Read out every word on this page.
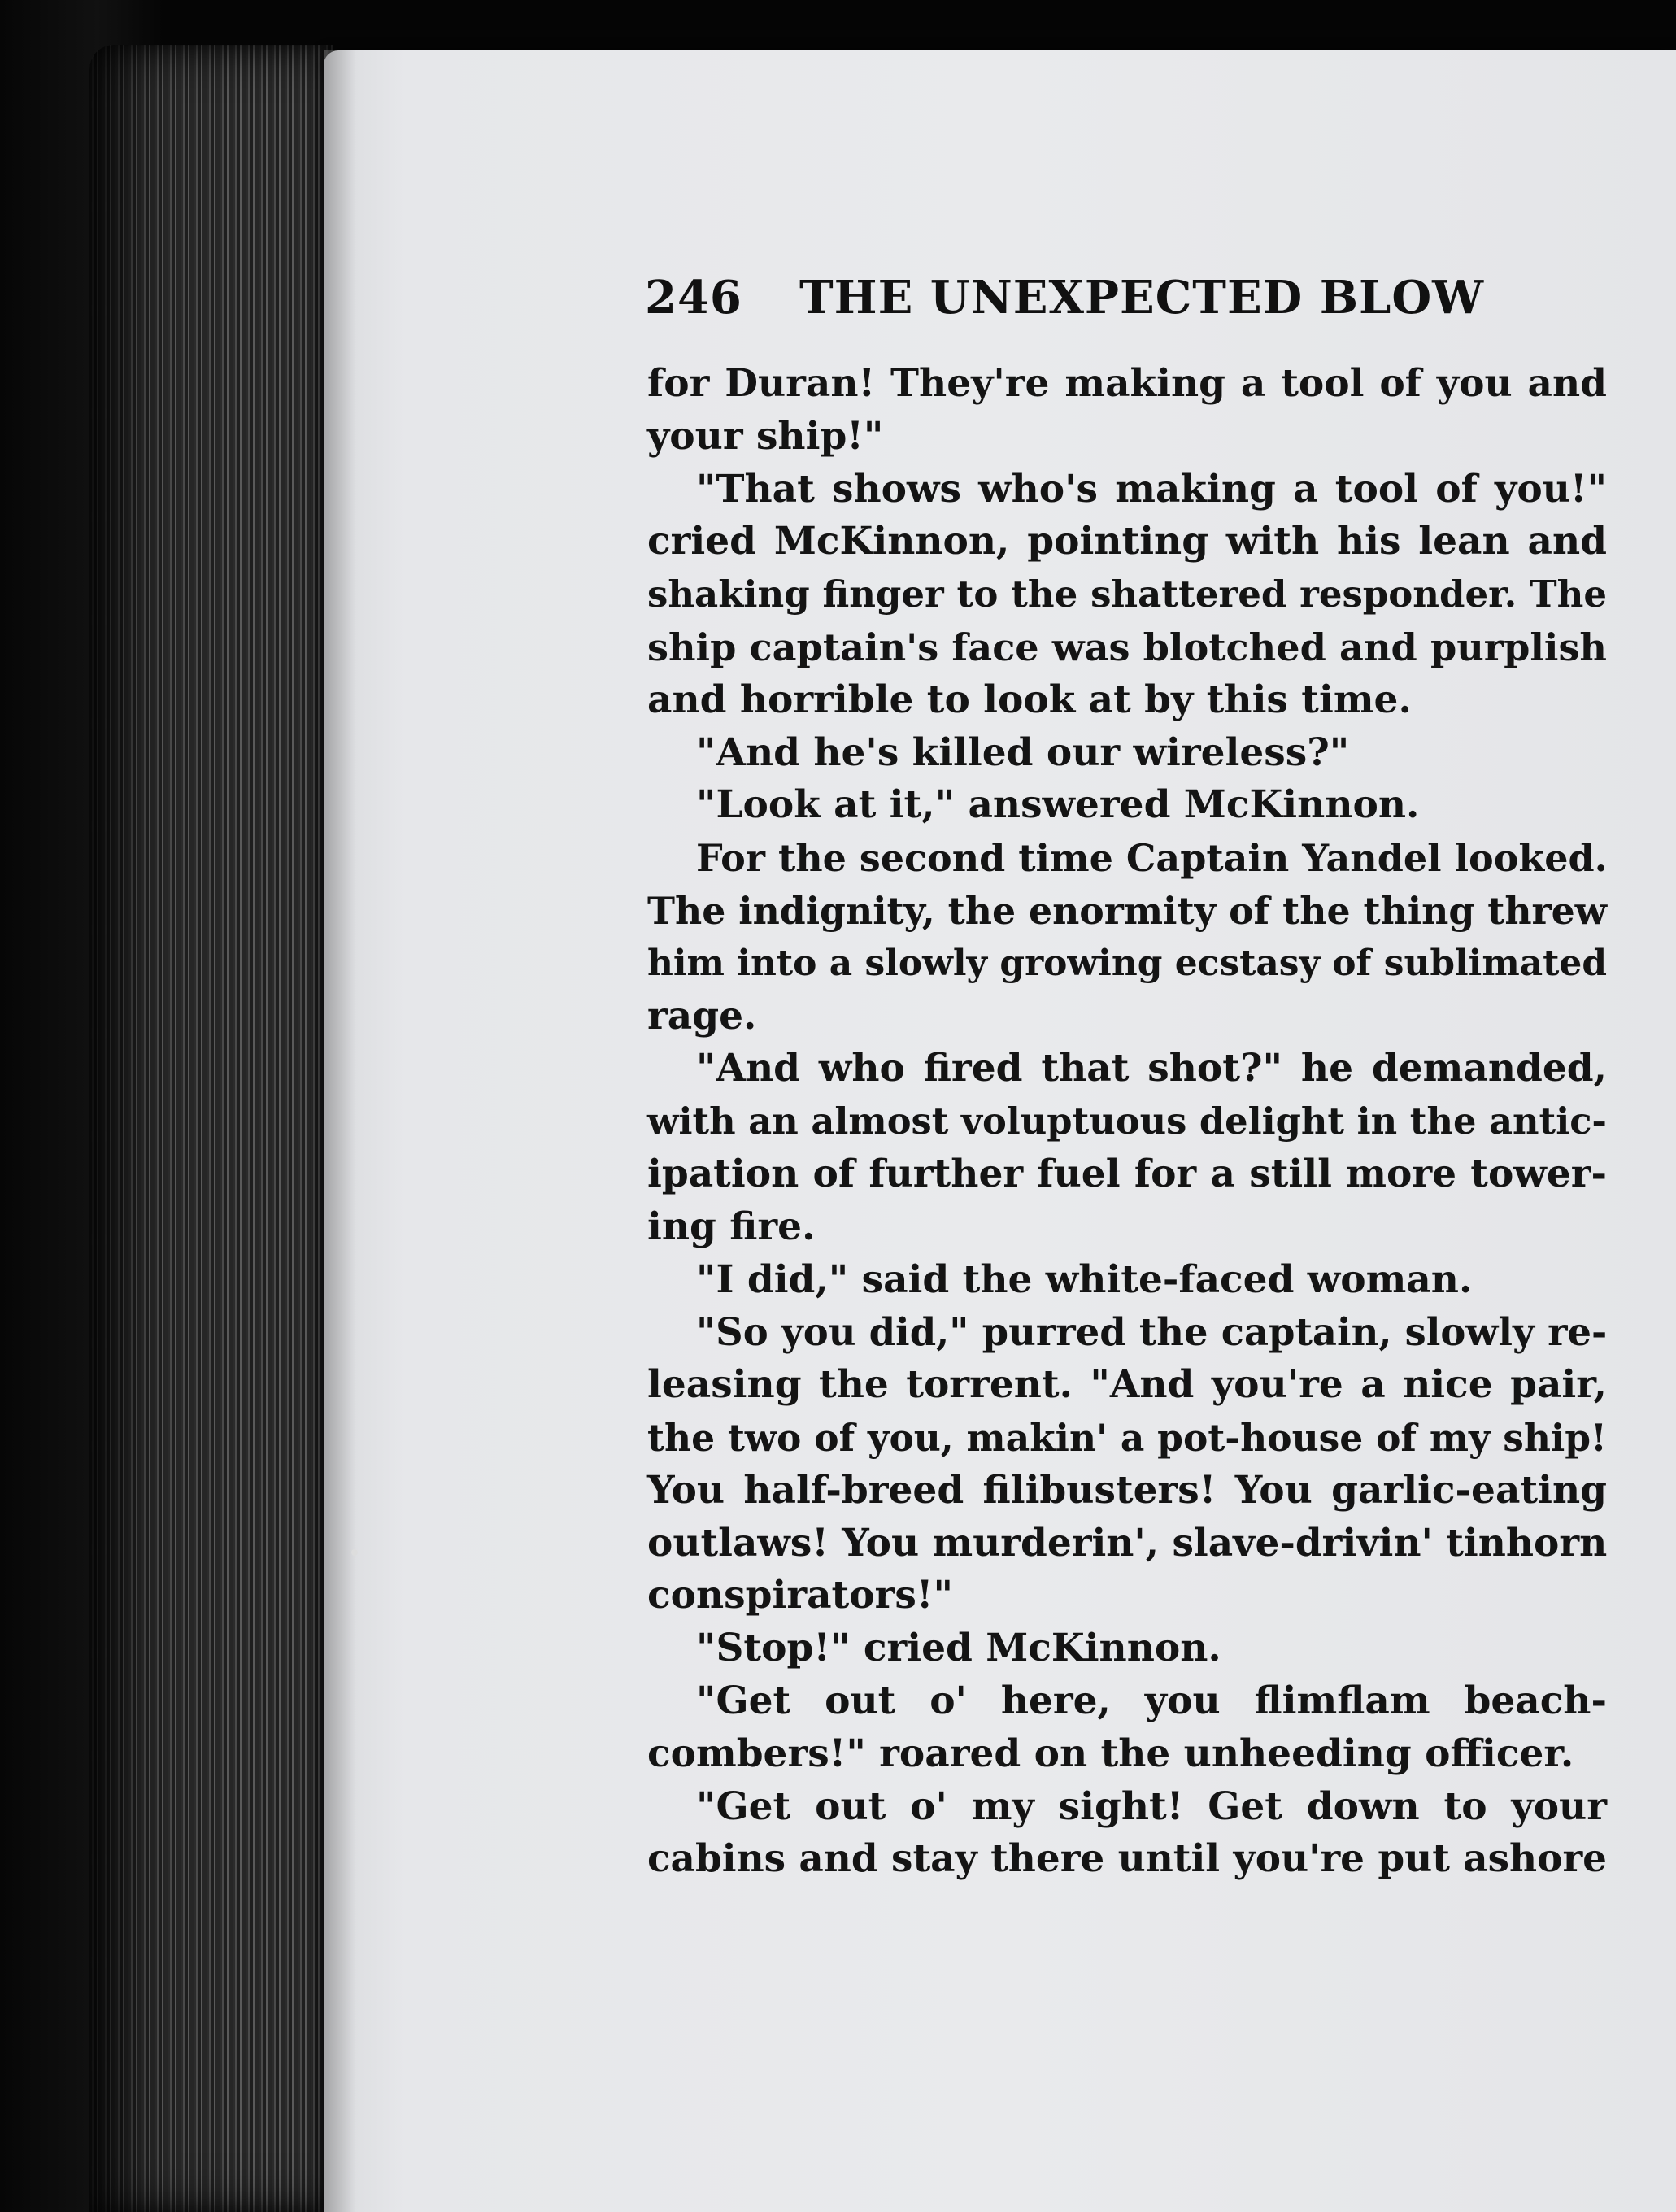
246 THE UNEXPECTED BLOW
for Duran! They're making a tool of you and
your ship!"
"That shows who's making a tool of you!"
cried McKinnon, pointing with his lean and
shaking finger to the shattered responder. The
ship captain's face was blotched and purplish
and horrible to look at by this time.
"And he's killed our wireless?"
"Look at it," answered McKinnon.
For the second time Captain Yandel looked.
The indignity, the enormity of the thing threw
him into a slowly growing ecstasy of sublimated
rage.
"And who fired that shot?" he demanded,
with an almost voluptuous delight in the antic-
ipation of further fuel for a still more tower-
ing fire.
"I did," said the white-faced woman.
"So you did," purred the captain, slowly re-
leasing the torrent. "And you're a nice pair,
the two of you, makin' a pot-house of my ship!
You half-breed filibusters! You garlic-eating
outlaws! You murderin', slave-drivin' tinhorn
conspirators!"
"Stop!" cried McKinnon.
"Get out o' here, you flimflam beach-
combers!" roared on the unheeding officer.
"Get out o' my sight! Get down to your
cabins and stay there until you're put ashore
